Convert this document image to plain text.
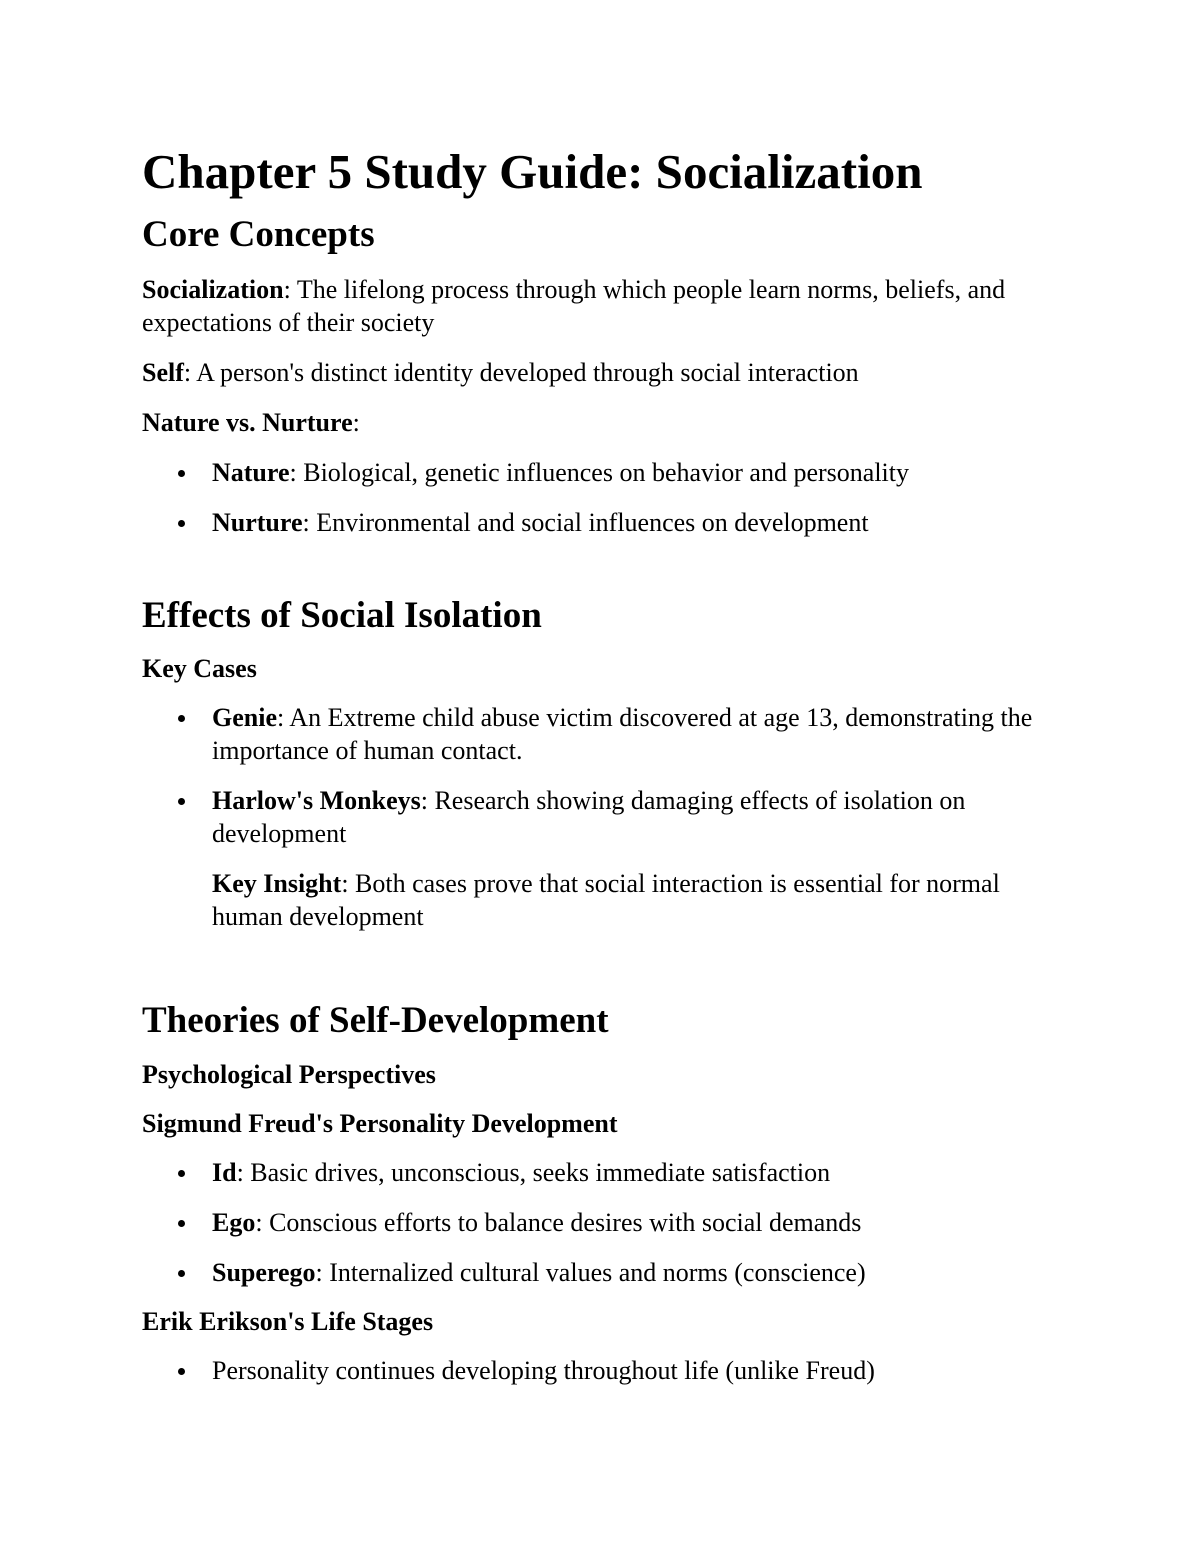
Chapter 5 Study Guide: Socialization
Core Concepts

Socialization: The lifelong process through which people learn norms, beliefs, and expectations of their society

Self: A person's distinct identity developed through social interaction

Nature vs. Nurture:

Nature: Biological, genetic influences on behavior and personality
Nurture: Environmental and social influences on development
Effects of Social Isolation
Key Cases
Genie: An Extreme child abuse victim discovered at age 13, demonstrating the importance of human contact.
Harlow's Monkeys: Research showing damaging effects of isolation on development

Key Insight: Both cases prove that social interaction is essential for normal human development

Theories of Self-Development
Psychological Perspectives
Sigmund Freud's Personality Development
Id: Basic drives, unconscious, seeks immediate satisfaction
Ego: Conscious efforts to balance desires with social demands
Superego: Internalized cultural values and norms (conscience)
Erik Erikson's Life Stages
Personality continues developing throughout life (unlike Freud)
